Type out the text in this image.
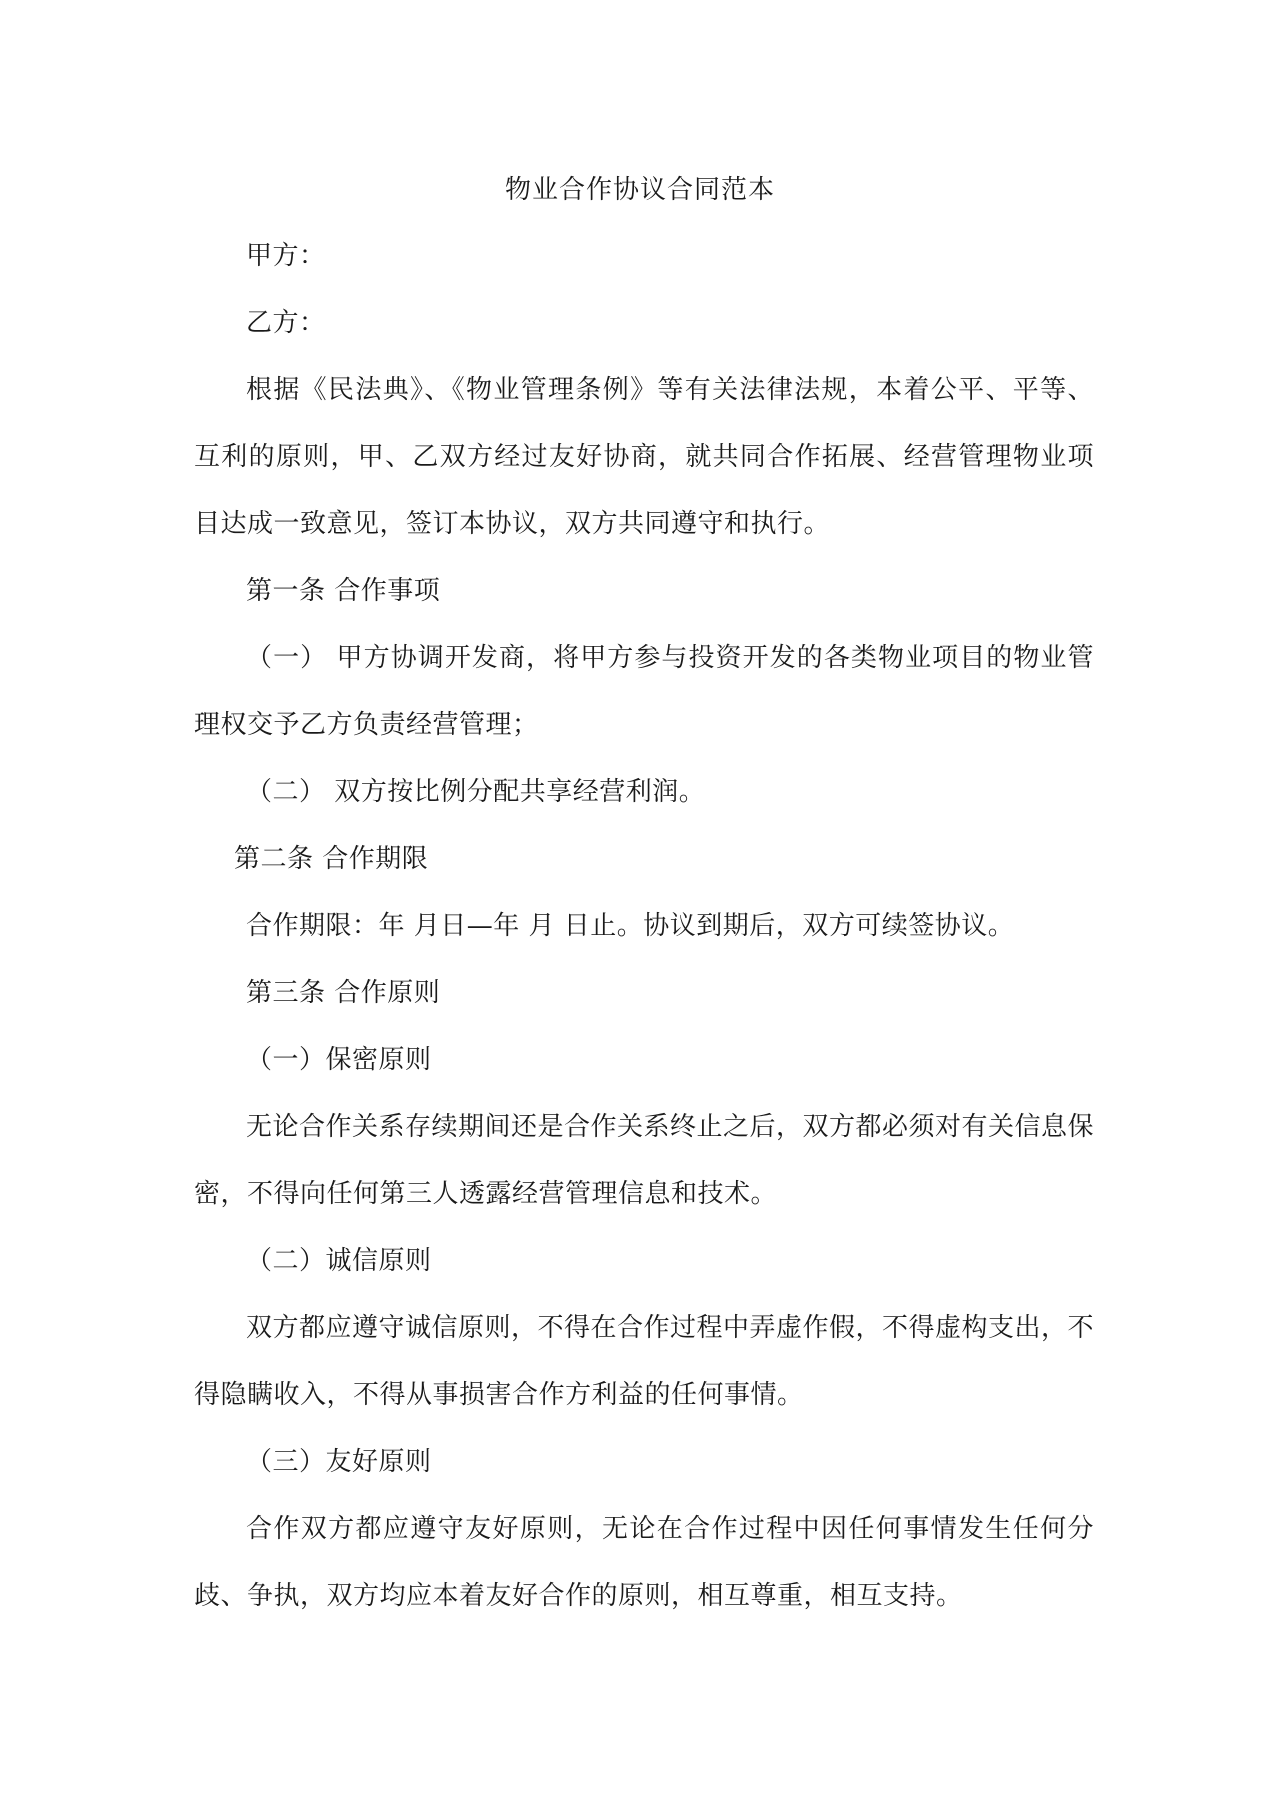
物业合作协议合同范本

甲方：

乙方：

根据《民法典》、《物业管理条例》等有关法律法规，本着公平、平等、互利的原则，甲、乙双方经过友好协商，就共同合作拓展、经营管理物业项目达成一致意见，签订本协议，双方共同遵守和执行。

第一条 合作事项

（一） 甲方协调开发商，将甲方参与投资开发的各类物业项目的物业管理权交予乙方负责经营管理；

（二） 双方按比例分配共享经营利润。

第二条 合作期限

合作期限：年 月日—年 月 日止。协议到期后，双方可续签协议。

第三条 合作原则

（一）保密原则

无论合作关系存续期间还是合作关系终止之后，双方都必须对有关信息保密，不得向任何第三人透露经营管理信息和技术。

（二）诚信原则

双方都应遵守诚信原则，不得在合作过程中弄虚作假，不得虚构支出，不得隐瞒收入，不得从事损害合作方利益的任何事情。

（三）友好原则

合作双方都应遵守友好原则，无论在合作过程中因任何事情发生任何分歧、争执，双方均应本着友好合作的原则，相互尊重，相互支持。
